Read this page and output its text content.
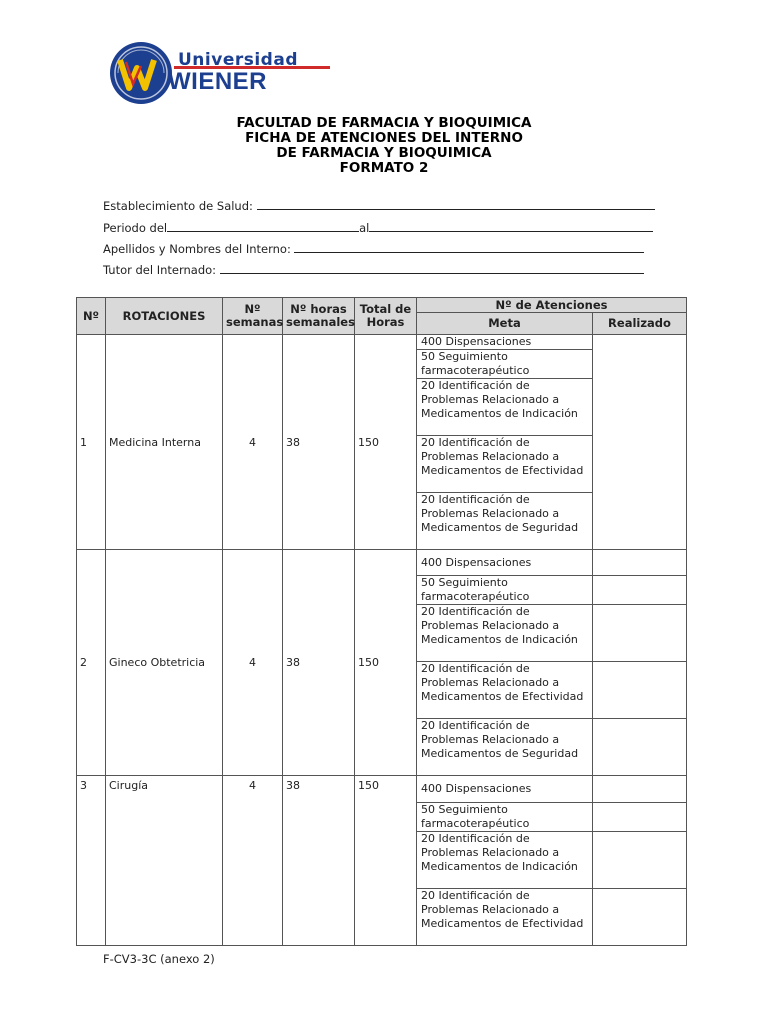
Universidad
WIENER
FACULTAD DE FARMACIA Y BIOQUIMICA
FICHA DE ATENCIONES DEL INTERNO
DE FARMACIA Y BIOQUIMICA
FORMATO 2
Establecimiento de Salud:
Periodo del	al
Apellidos y Nombres del Interno:
Tutor del Internado:
Nº	ROTACIONES	Nº semanas	Nº horas semanales	Total de Horas	Nº de Atenciones	
					Meta	Realizado
1	Medicina Interna	4	38	150	400 Dispensaciones	
					50 Seguimiento farmacoterapéutico	
					20 Identificación de Problemas Relacionado a Medicamentos de Indicación	
					20 Identificación de Problemas Relacionado a Medicamentos de Efectividad	
					20 Identificación de Problemas Relacionado a Medicamentos de Seguridad	
2	Gineco Obtetricia	4	38	150	400 Dispensaciones	
					50 Seguimiento farmacoterapéutico	
					20 Identificación de Problemas Relacionado a Medicamentos de Indicación	
					20 Identificación de Problemas Relacionado a Medicamentos de Efectividad	
					20 Identificación de Problemas Relacionado a Medicamentos de Seguridad	
3	Cirugía	4	38	150	400 Dispensaciones	
					50 Seguimiento farmacoterapéutico	
					20 Identificación de Problemas Relacionado a Medicamentos de Indicación	
					20 Identificación de Problemas Relacionado a Medicamentos de Efectividad	
F-CV3-3C (anexo 2)
